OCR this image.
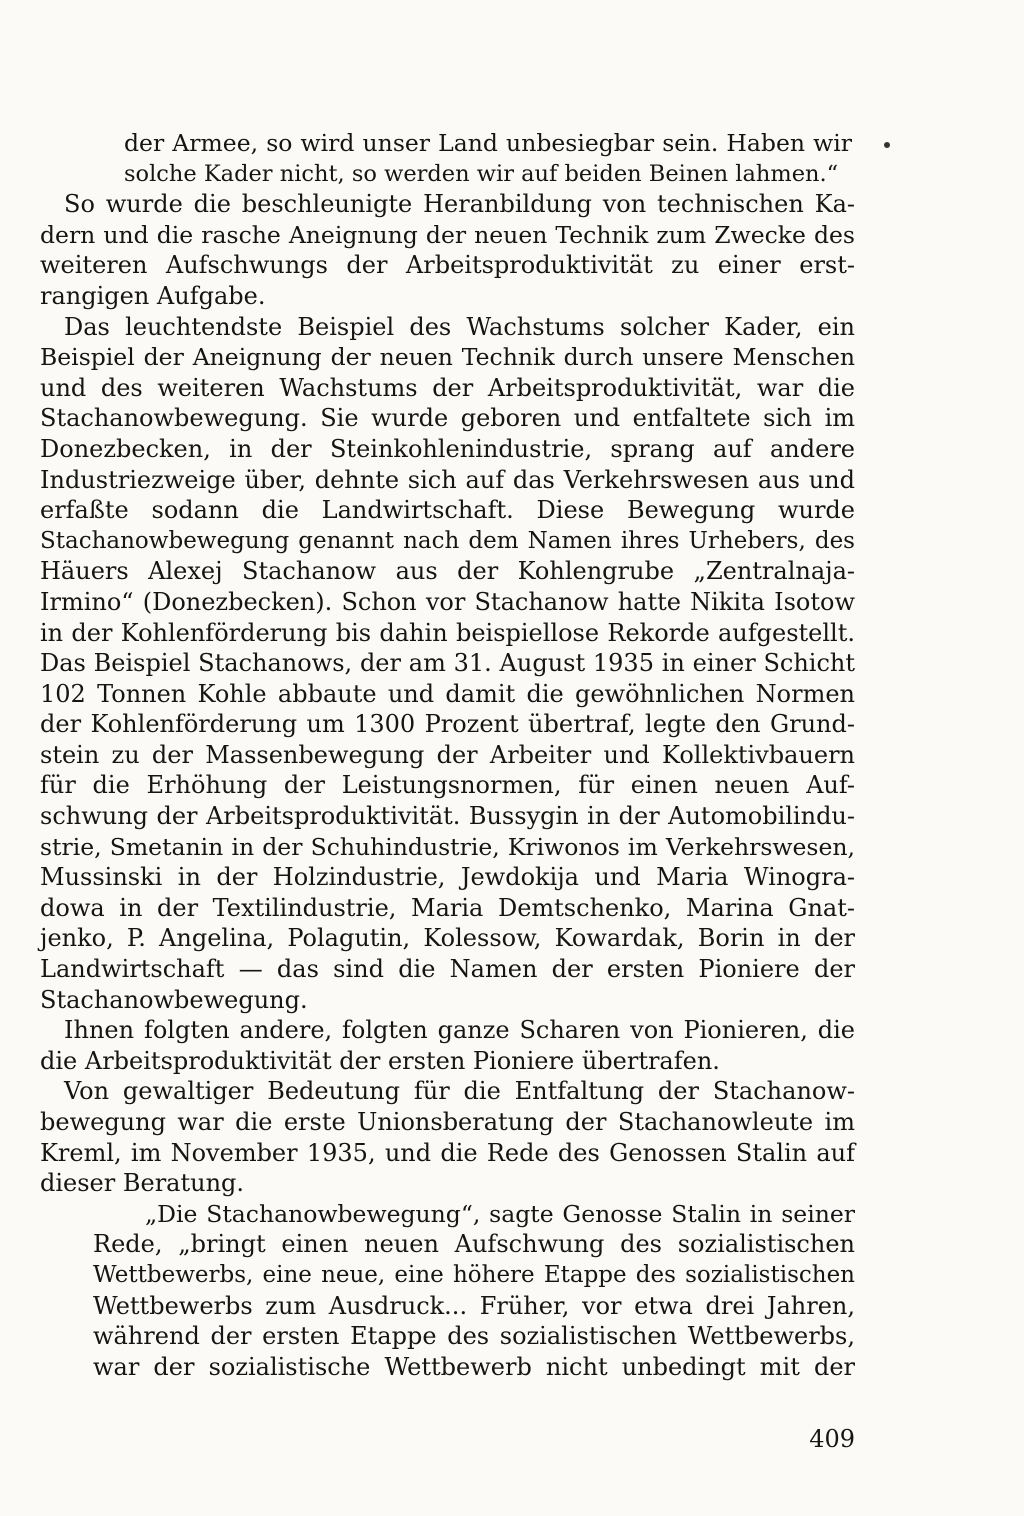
der Armee, so wird unser Land unbesiegbar sein. Haben wir
solche Kader nicht, so werden wir auf beiden Beinen lahmen.“
So wurde die beschleunigte Heranbildung von technischen Ka-
dern und die rasche Aneignung der neuen Technik zum Zwecke des
weiteren Aufschwungs der Arbeitsproduktivität zu einer erst-
rangigen Aufgabe.
Das leuchtendste Beispiel des Wachstums solcher Kader, ein
Beispiel der Aneignung der neuen Technik durch unsere Menschen
und des weiteren Wachstums der Arbeitsproduktivität, war die
Stachanowbewegung. Sie wurde geboren und entfaltete sich im
Donezbecken, in der Steinkohlenindustrie, sprang auf andere
Industriezweige über, dehnte sich auf das Verkehrswesen aus und
erfaßte sodann die Landwirtschaft. Diese Bewegung wurde
Stachanowbewegung genannt nach dem Namen ihres Urhebers, des
Häuers Alexej Stachanow aus der Kohlengrube „Zentralnaja-
Irmino“ (Donezbecken). Schon vor Stachanow hatte Nikita Isotow
in der Kohlenförderung bis dahin beispiellose Rekorde aufgestellt.
Das Beispiel Stachanows, der am 31. August 1935 in einer Schicht
102 Tonnen Kohle abbaute und damit die gewöhnlichen Normen
der Kohlenförderung um 1300 Prozent übertraf, legte den Grund-
stein zu der Massenbewegung der Arbeiter und Kollektivbauern
für die Erhöhung der Leistungsnormen, für einen neuen Auf-
schwung der Arbeitsproduktivität. Bussygin in der Automobilindu-
strie, Smetanin in der Schuhindustrie, Kriwonos im Verkehrswesen,
Mussinski in der Holzindustrie, Jewdokija und Maria Winogra-
dowa in der Textilindustrie, Maria Demtschenko, Marina Gnat-
jenko, P. Angelina, Polagutin, Kolessow, Kowardak, Borin in der
Landwirtschaft — das sind die Namen der ersten Pioniere der
Stachanowbewegung.
Ihnen folgten andere, folgten ganze Scharen von Pionieren, die
die Arbeitsproduktivität der ersten Pioniere übertrafen.
Von gewaltiger Bedeutung für die Entfaltung der Stachanow-
bewegung war die erste Unionsberatung der Stachanowleute im
Kreml, im November 1935, und die Rede des Genossen Stalin auf
dieser Beratung.
„Die Stachanowbewegung“, sagte Genosse Stalin in seiner
Rede, „bringt einen neuen Aufschwung des sozialistischen
Wettbewerbs, eine neue, eine höhere Etappe des sozialistischen
Wettbewerbs zum Ausdruck... Früher, vor etwa drei Jahren,
während der ersten Etappe des sozialistischen Wettbewerbs,
war der sozialistische Wettbewerb nicht unbedingt mit der
409
